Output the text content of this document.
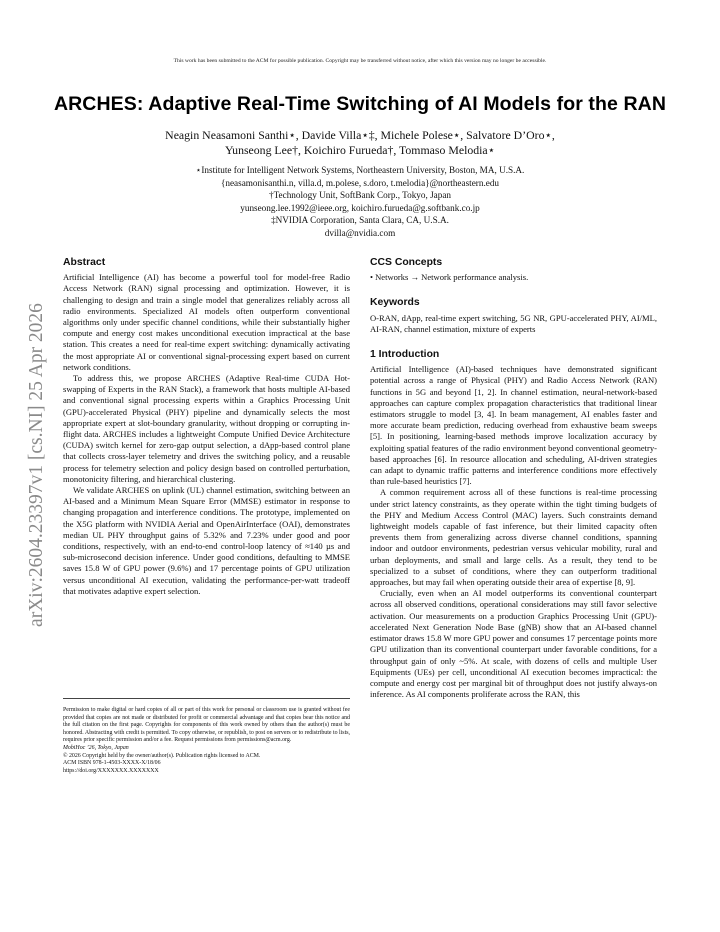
This work has been submitted to the ACM for possible publication. Copyright may be transferred without notice, after which this version may no longer be accessible.
ARCHES: Adaptive Real-Time Switching of AI Models for the RAN
Neagin Neasamoni Santhi⋆, Davide Villa⋆‡, Michele Polese⋆, Salvatore D’Oro⋆,
Yunseong Lee†, Koichiro Furueda†, Tommaso Melodia⋆
⋆Institute for Intelligent Network Systems, Northeastern University, Boston, MA, U.S.A.
{neasamonisanthi.n, villa.d, m.polese, s.doro, t.melodia}@northeastern.edu
†Technology Unit, SoftBank Corp., Tokyo, Japan
yunseong.lee.1992@ieee.org, koichiro.furueda@g.softbank.co.jp
‡NVIDIA Corporation, Santa Clara, CA, U.S.A.
dvilla@nvidia.com
arXiv:2604.23397v1 [cs.NI] 25 Apr 2026
Abstract

Artificial Intelligence (AI) has become a powerful tool for model-free Radio Access Network (RAN) signal processing and optimization. However, it is challenging to design and train a single model that generalizes reliably across all radio environments. Specialized AI models often outperform conventional algorithms only under specific channel conditions, while their substantially higher compute and energy cost makes unconditional execution impractical at the base station. This creates a need for real-time expert switching: dynamically activating the most appropriate AI or conventional signal-processing expert based on current network conditions.

To address this, we propose ARCHES (Adaptive Real-time CUDA Hot-swapping of Experts in the RAN Stack), a framework that hosts multiple AI-based and conventional signal processing experts within a Graphics Processing Unit (GPU)-accelerated Physical (PHY) pipeline and dynamically selects the most appropriate expert at slot-boundary granularity, without dropping or corrupting in-flight data. ARCHES includes a lightweight Compute Unified Device Architecture (CUDA) switch kernel for zero-gap output selection, a dApp-based control plane that collects cross-layer telemetry and drives the switching policy, and a reusable process for telemetry selection and policy design based on controlled perturbation, monotonicity filtering, and hierarchical clustering.

We validate ARCHES on uplink (UL) channel estimation, switching between an AI-based and a Minimum Mean Square Error (MMSE) estimator in response to changing propagation and interference conditions. The prototype, implemented on the X5G platform with NVIDIA Aerial and OpenAirInterface (OAI), demonstrates median UL PHY throughput gains of 5.32% and 7.23% under good and poor conditions, respectively, with an end-to-end control-loop latency of ≈140 µs and sub-microsecond decision inference. Under good conditions, defaulting to MMSE saves 15.8 W of GPU power (9.6%) and 17 percentage points of GPU utilization versus unconditional AI execution, validating the performance-per-watt tradeoff that motivates adaptive expert selection.

Permission to make digital or hard copies of all or part of this work for personal or classroom use is granted without fee provided that copies are not made or distributed for profit or commercial advantage and that copies bear this notice and the full citation on the first page. Copyrights for components of this work owned by others than the author(s) must be honored. Abstracting with credit is permitted. To copy otherwise, or republish, to post on servers or to redistribute to lists, requires prior specific permission and/or a fee. Request permissions from permissions@acm.org.

MobiHoc ’26, Tokyo, Japan
© 2026 Copyright held by the owner/author(s). Publication rights licensed to ACM.
ACM ISBN 978-1-4503-XXXX-X/18/06
https://doi.org/XXXXXXX.XXXXXXX
CCS Concepts

• Networks → Network performance analysis.

Keywords

O-RAN, dApp, real-time expert switching, 5G NR, GPU-accelerated PHY, AI/ML, AI-RAN, channel estimation, mixture of experts

1 Introduction

Artificial Intelligence (AI)-based techniques have demonstrated significant potential across a range of Physical (PHY) and Radio Access Network (RAN) functions in 5G and beyond [1, 2]. In channel estimation, neural-network-based approaches can capture complex propagation characteristics that traditional linear estimators struggle to model [3, 4]. In beam management, AI enables faster and more accurate beam prediction, reducing overhead from exhaustive beam sweeps [5]. In positioning, learning-based methods improve localization accuracy by exploiting spatial features of the radio environment beyond conventional geometry-based approaches [6]. In resource allocation and scheduling, AI-driven strategies can adapt to dynamic traffic patterns and interference conditions more effectively than rule-based heuristics [7].

A common requirement across all of these functions is real-time processing under strict latency constraints, as they operate within the tight timing budgets of the PHY and Medium Access Control (MAC) layers. Such constraints demand lightweight models capable of fast inference, but their limited capacity often prevents them from generalizing across diverse channel conditions, spanning indoor and outdoor environments, pedestrian versus vehicular mobility, rural and urban deployments, and small and large cells. As a result, they tend to be specialized to a subset of conditions, where they can outperform traditional approaches, but may fail when operating outside their area of expertise [8, 9].

Crucially, even when an AI model outperforms its conventional counterpart across all observed conditions, operational considerations may still favor selective activation. Our measurements on a production Graphics Processing Unit (GPU)-accelerated Next Generation Node Base (gNB) show that an AI-based channel estimator draws 15.8 W more GPU power and consumes 17 percentage points more GPU utilization than its conventional counterpart under favorable conditions, for a throughput gain of only ~5%. At scale, with dozens of cells and multiple User Equipments (UEs) per cell, unconditional AI execution becomes impractical: the compute and energy cost per marginal bit of throughput does not justify always-on inference. As AI components proliferate across the RAN, this
